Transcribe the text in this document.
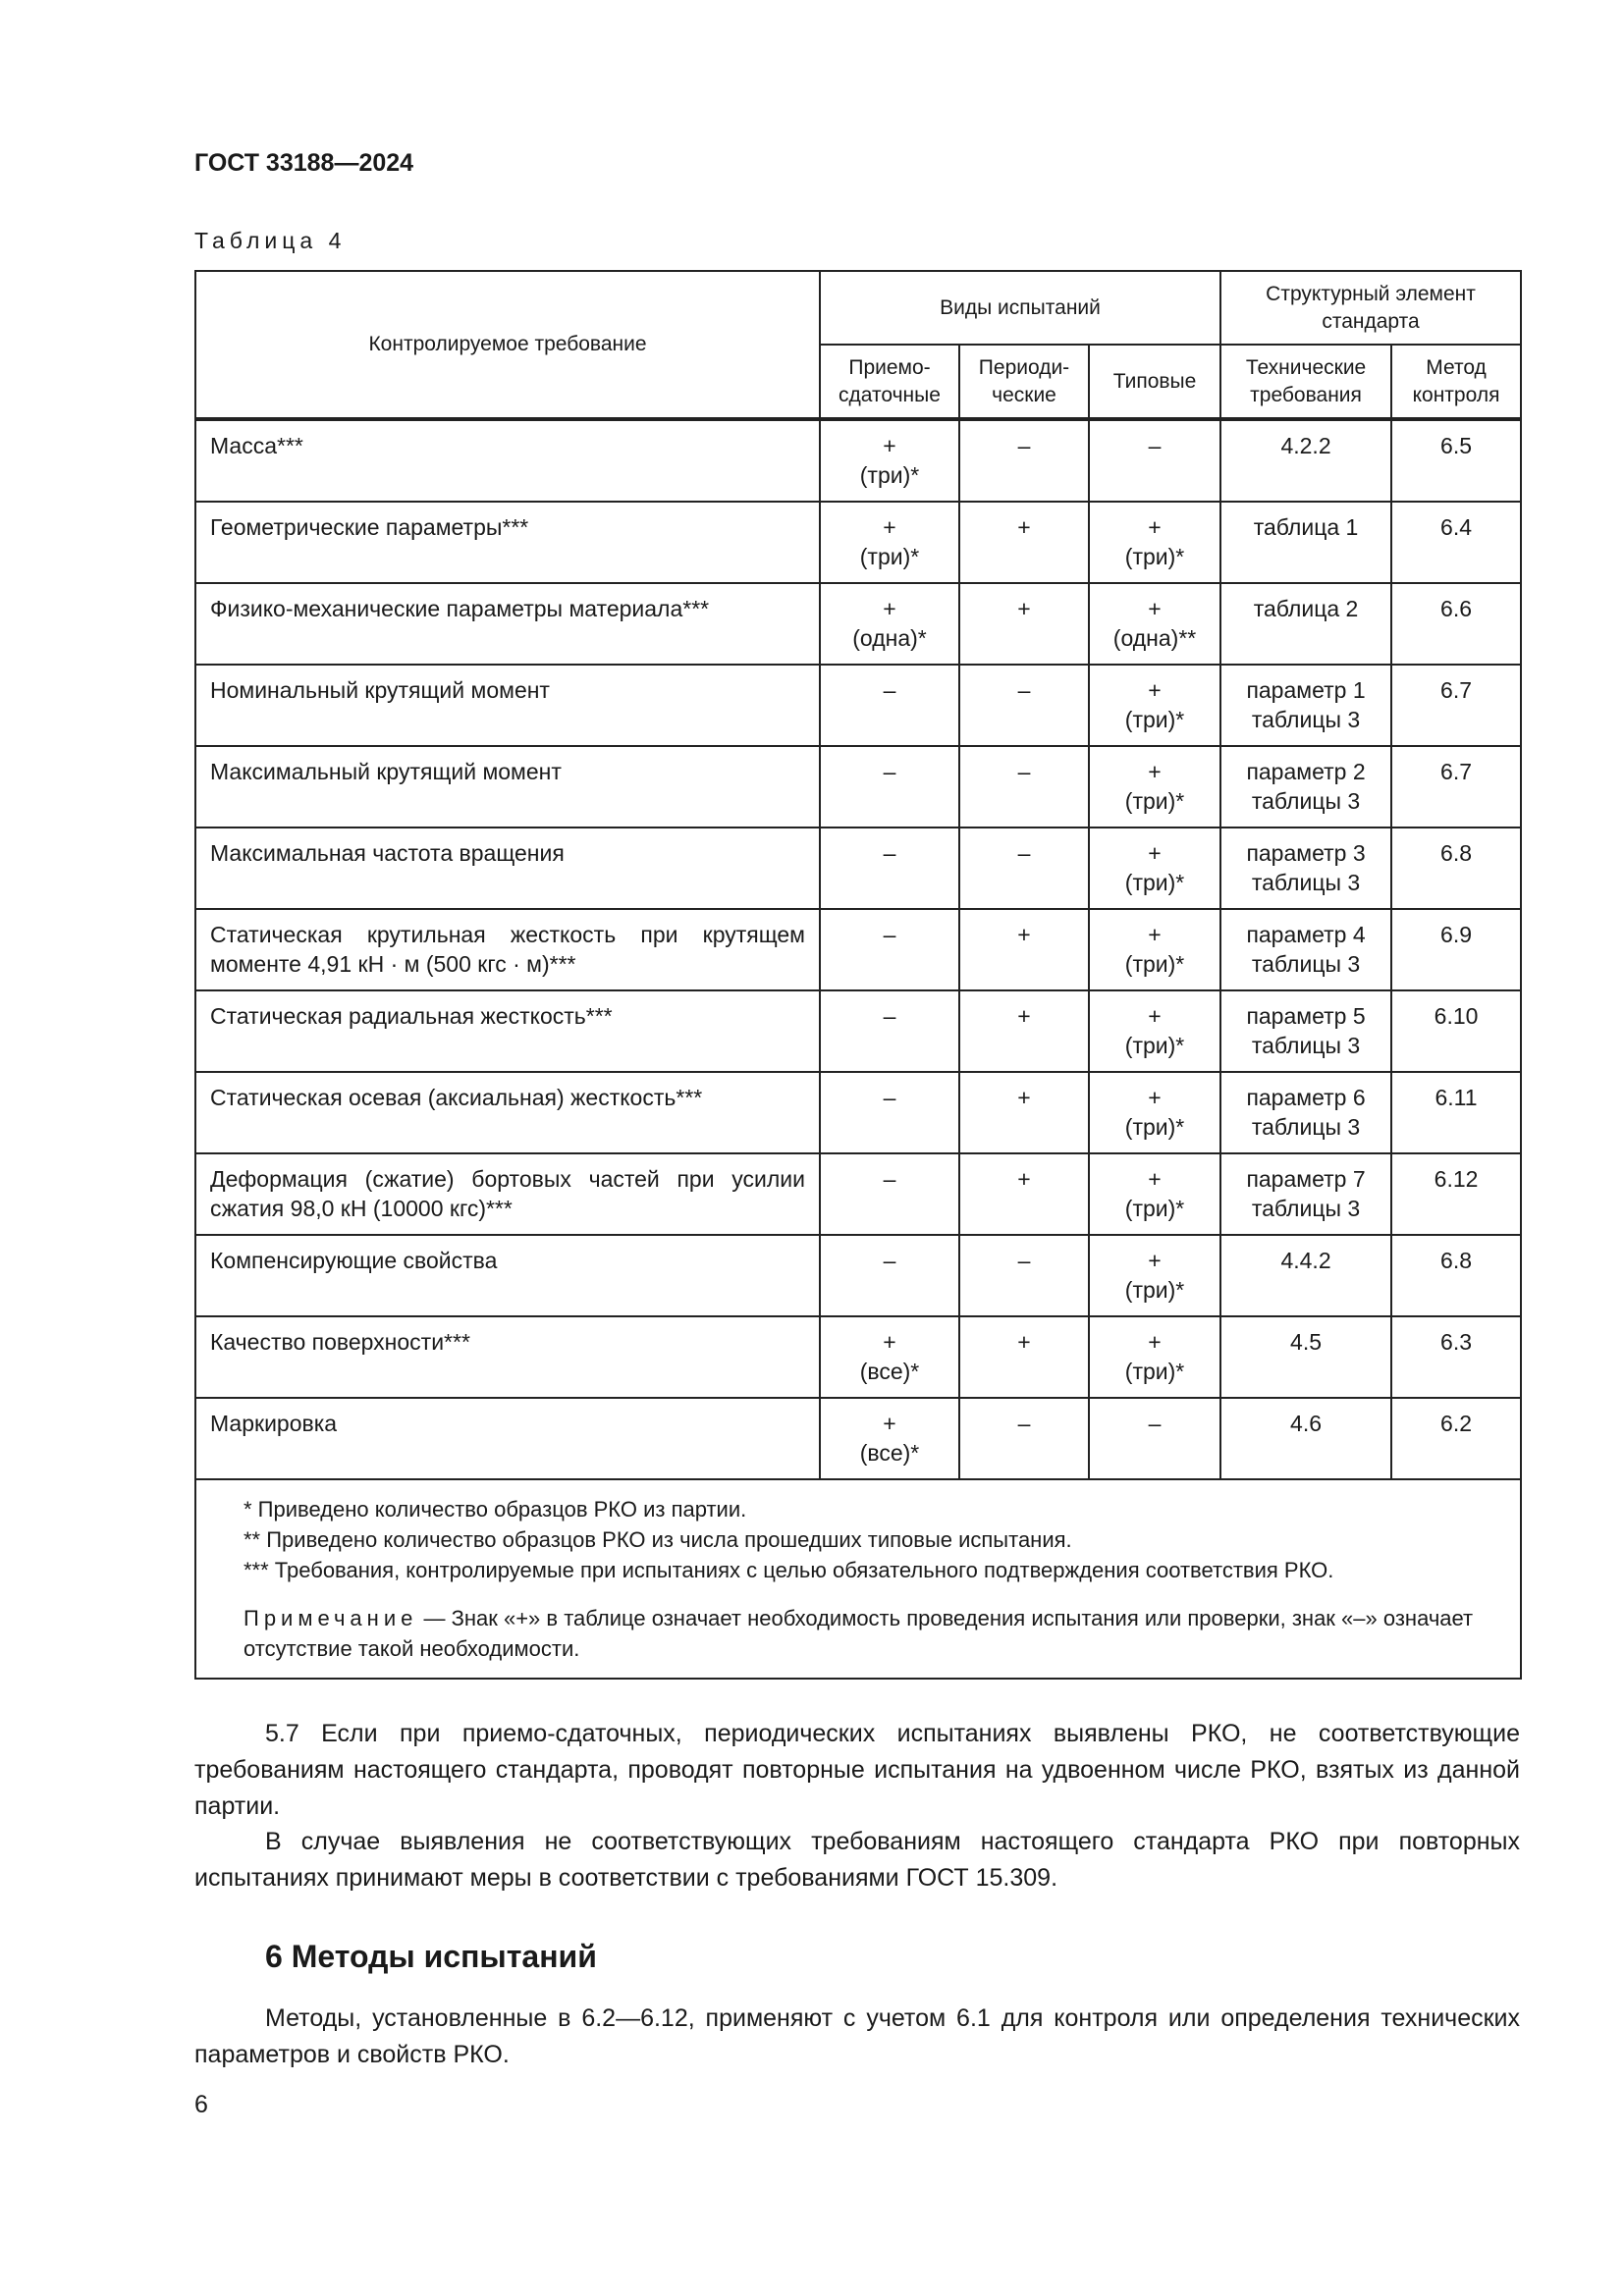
ГОСТ 33188—2024
Таблица 4
Контролируемое требование	Виды испытаний			Структурный элемент
стандарта	

	Приемо-
сдаточные	Периоди-
ческие	Типовые	Технические
требования	Метод
контроля

Масса***	+
(три)*	–	–	4.2.2	6.5

Геометрические параметры***	+
(три)*	+	+
(три)*	таблица 1	6.4

Физико-механические параметры материала***	+
(одна)*	+	+
(одна)**	таблица 2	6.6

Номинальный крутящий момент	–	–	+
(три)*	параметр 1
таблицы 3	6.7

Максимальный крутящий момент	–	–	+
(три)*	параметр 2
таблицы 3	6.7

Максимальная частота вращения	–	–	+
(три)*	параметр 3
таблицы 3	6.8

Статическая крутильная жесткость при крутящем
моменте 4,91 кН · м (500 кгс · м)***	–	+	+
(три)*	параметр 4
таблицы 3	6.9

Статическая радиальная жесткость***	–	+	+
(три)*	параметр 5
таблицы 3	6.10

Статическая осевая (аксиальная) жесткость***	–	+	+
(три)*	параметр 6
таблицы 3	6.11

Деформация (сжатие) бортовых частей при усилии
сжатия 98,0 кН (10000 кгс)***	–	+	+
(три)*	параметр 7
таблицы 3	6.12

Компенсирующие свойства	–	–	+
(три)*	4.4.2	6.8

Качество поверхности***	+
(все)*	+	+
(три)*	4.5	6.3

Маркировка	+
(все)*	–	–	4.6	6.2

* Приведено количество образцов РКО из партии.
** Приведено количество образцов РКО из числа прошедших типовые испытания.
*** Требования, контролируемые при испытаниях с целью обязательного подтверждения соответствия РКО.
Примечание — Знак «+» в таблице означает необходимость проведения испытания или проверки, знак «–» означает отсутствие такой необходимости.					
5.7 Если при приемо-сдаточных, периодических испытаниях выявлены РКО, не соответствующие требованиям настоящего стандарта, проводят повторные испытания на удвоенном числе РКО, взятых из данной партии.
В случае выявления не соответствующих требованиям настоящего стандарта РКО при повторных испытаниях принимают меры в соответствии с требованиями ГОСТ 15.309.
6 Методы испытаний
Методы, установленные в 6.2—6.12, применяют с учетом 6.1 для контроля или определения технических параметров и свойств РКО.
6
